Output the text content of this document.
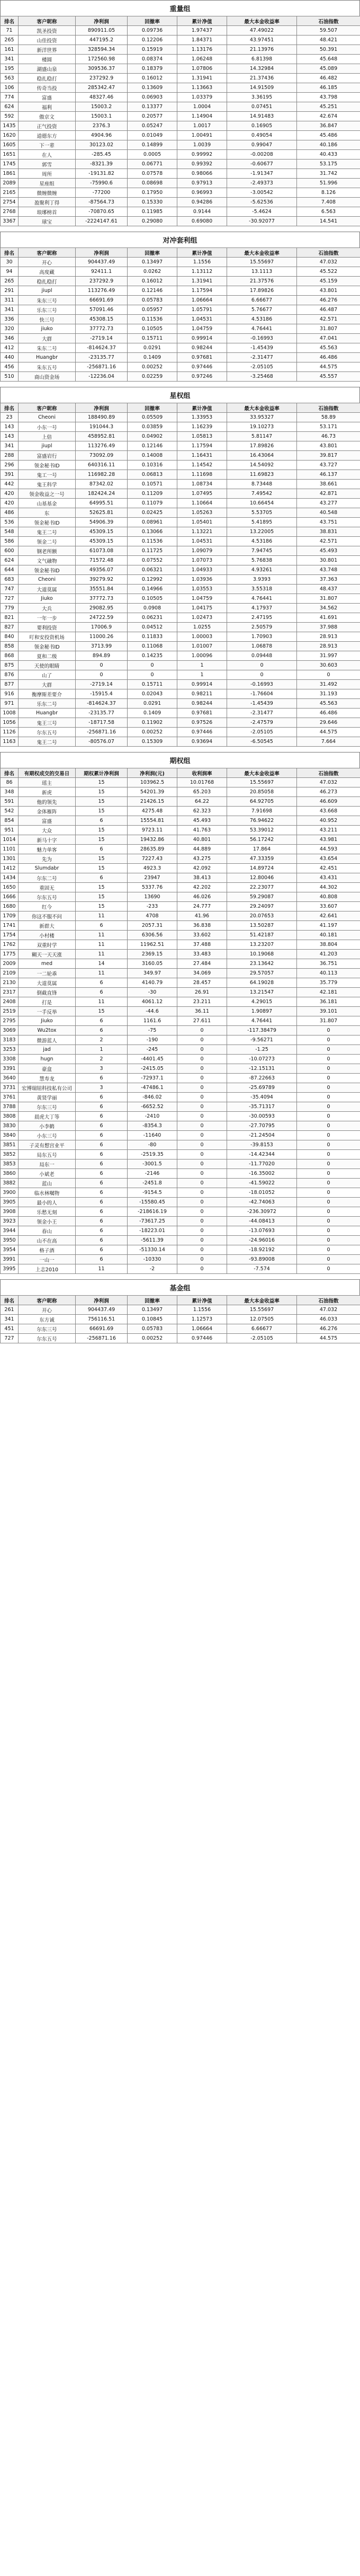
重量组
排名	客户昵称	净利润	回撤率	累计净值	最大本金收益率	石油指数
71	凯圣投资	890911.05	0.09736	1.97437	47.49022	59.507
265	山佳投资	447195.2	0.12206	1.84371	43.97451	48.421
161	新洋世界	328594.34	0.15919	1.13176	21.13976	50.391
341	楼圆	172560.98	0.08374	1.06248	6.81398	45.648
195	湖盛山泉	309536.37	0.18379	1.07806	14.32984	45.089
563	稳扎稳打	237292.9	0.16012	1.31941	21.37436	46.482
106	传奇当投	285342.47	0.13609	1.13663	14.91509	46.185
774	富盛	48327.46	0.06903	1.03379	3.36195	43.798
624	福利	15003.2	0.13377	1.0004	0.07451	45.251
592	傲京文	15003.1	0.20577	1.14904	14.91483	42.674
1435	正气投资	2376.3	0.05247	1.0017	0.16905	36.847
1620	道德东方	4904.96	0.01049	1.00491	0.49054	45.486
1605	下一辈	30123.02	0.14899	1.0039	0.99047	40.186
1651	在人	-285.45	0.0005	0.99992	-0.00208	40.433
1745	郭雪	-8321.39	0.06771	0.99392	-0.60677	53.175
1861	周所	-19131.82	0.07578	0.98066	-1.91347	31.742
2089	星座组	-75990.6	0.08698	0.97913	-2.49373	51.996
2165	微缠微缠	-77200	0.17950	0.96993	-3.00542	8.126
2754	盈聚利丁得	-87564.73	0.15330	0.94286	-5.62536	7.408
2768	琅琊榜首	-70870.65	0.11985	0.9144	-5.4624	6.563
3367	球宝	-2224147.61	0.29080	0.69080	-30.92077	14.541
对冲套利组
排名	客户昵称	净利润	回撤率	累计净值	最大本金收益率	石油指数
30	开心	904437.49	0.13497	1.1556	15.55697	47.032
94	高度藏	92411.1	0.0262	1.13112	13.1113	45.522
265	稳扎稳打	237292.9	0.16012	1.31941	21.37576	45.159
291	jiupl	113276.49	0.12146	1.17594	17.89826	43.801
311	朱东三号	66691.69	0.05783	1.06664	6.66677	46.276
341	乐东三号	57091.46	0.05957	1.05791	5.76677	46.487
336	快三号	45308.15	0.11536	1.04531	4.53186	42.571
320	jiuko	37772.73	0.10505	1.04759	4.76441	31.807
346	大群	-2719.14	0.15711	0.99914	-0.16993	47.041
412	朱东二号	-814624.37	0.0291	0.98244	-1.45439	45.563
440	Huangbr	-23135.77	0.1409	0.97681	-2.31477	46.486
456	朱东五号	-256871.16	0.00252	0.97446	-2.05105	44.575
510	商山资金场	-12236.04	0.02259	0.97246	-3.25468	45.557
星权组
排名	客户昵称	净利润	回撤率	累计净值	最大本金收益率	石油指数
23	Cheoni	188490.89	0.05509	1.33953	33.95327	58.89
143	小东一号	191044.3	0.03859	1.16239	19.10273	53.171
143	上倍	458952.81	0.04902	1.05813	5.81147	46.73
341	jiupl	113276.49	0.12146	1.17594	17.89826	43.801
288	富盛岩行	73092.09	0.14008	1.16431	16.43064	39.817
296	领金秘书ID	640316.11	0.10316	1.14542	14.54092	43.727
391	鬼工一号	116982.28	0.06813	1.11698	11.69823	46.137
442	鬼王科学	87342.02	0.10571	1.08734	8.73448	38.661
420	领金收益之一号	182424.24	0.11209	1.07495	7.49542	42.871
420	山基基金	64995.51	0.11079	1.10664	10.66454	43.277
486	东	52625.81	0.02425	1.05263	5.53705	40.548
536	领金秘书ID	54906.39	0.08961	1.05401	5.41895	43.751
548	鬼王二号	45309.15	0.13066	1.13221	13.22005	38.831
586	领金二号	45309.15	0.11536	1.04531	4.53186	42.571
600	钢老所额	61073.08	0.11725	1.09079	7.94745	45.493
624	文气融物	71572.48	0.07552	1.07073	5.76838	30.801
644	领金秘书ID	49356.07	0.06321	1.04933	4.93261	43.748
683	Cheoni	39279.92	0.12992	1.03936	3.9393	37.363
747	大道莫属	35551.84	0.14966	1.03553	3.55318	48.437
727	Jiuko	37772.73	0.10505	1.04759	4.76441	31.807
779	大兵	29082.95	0.0908	1.04175	4.17937	34.562
821	一年一步	24722.59	0.06231	1.02473	2.47195	41.691
827	要利投资	17006.9	0.04512	1.0255	2.50579	37.988
840	叮和安投资机场	11000.26	0.11833	1.00003	1.70903	28.913
858	领金秘书ID	3713.99	0.11068	1.01007	1.06878	28.913
868	夏和二级	894.89	0.14235	1.00096	0.09448	31.997
875	天使的眼睛	0	0	1	0	30.603
876	山了	0	0	1	0	0
877	大群	-2719.14	0.15711	0.99914	-0.16993	31.492
916	衡摩斯差要介	-15915.4	0.02043	0.98211	-1.76604	31.193
971	乐东二号	-814624.37	0.0291	0.98244	-1.45439	45.563
1008	Huangbr	-23135.77	0.1409	0.97681	-2.31477	46.486
1056	鬼王三号	-18717.58	0.11902	0.97526	-2.47579	29.646
1126	尔东五号	-256871.16	0.00252	0.97446	-2.05105	44.575
1163	鬼王二号	-80576.07	0.15309	0.93694	-6.50545	7.664
期权组
排名	有期权成交的交易日	期权累计净利润	净利润(元)	收利润率	最大本金收益率	石油指数
86	瑶主	15	103962.5	10.01768	15.55697	47.032
348	新虎	15	54201.39	65.203	20.85058	46.273
591	他的领先	15	21426.15	64.22	64.92705	46.609
542	金体雁阵	15	4275.48	62.323	7.91698	43.668
854	富盛	6	15554.81	45.493	76.94622	40.952
951	大众	15	9723.11	41.763	53.39012	43.211
1014	新马十字	15	19432.86	40.801	56.17242	43.981
1101	魅力单客	6	28635.89	44.889	17.864	44.593
1301	先为	15	7227.43	43.275	47.33359	43.654
1412	Slumdabr	15	4923.3	42.092	14.89724	42.451
1434	尔东二号	6	23947	38.413	12.80046	43.431
1650	重固无	15	5337.76	42.202	22.23077	44.302
1666	尔东五号	15	13690	46.026	59.29087	40.808
1680	红今	15	-233	24.777	29.24097	33.607
1709	你这不服不问	11	4708	41.96	20.07653	42.641
1741	新群大	6	2057.31	36.838	13.50287	41.197
1754	小村楼	11	6306.56	33.602	51.42187	40.181
1762	双重时学	11	11962.51	37.488	13.23207	38.804
1775	糊天一天天涨	11	2369.15	33.483	10.19068	41.203
2009	med	14	3160.05	27.484	23.13642	36.751
2109	一二轮乖	11	349.97	34.069	29.57057	40.113
2130	大道莫属	6	4140.79	28.457	64.19028	35.779
2317	倒截直锋	6	-30	26.91	13.21547	42.181
2408	打是	11	4061.12	23.211	4.29015	36.181
2519	一手反举	15	-44.6	36.11	1.90897	39.101
2795	Jiuko	6	1161.6	27.611	4.76441	31.807
3069	Wu2tox	6	-75	0	-117.38479	0
3183	微游蓝人	2	-190	0	-9.56271	0
3253	jad	1	-245	0	-1.25	0
3308	hugn	2	-4401.45	0	-10.07273	0
3391	豪盒	3	-2415.05	0	-12.15131	0
3640	慧寿龙	6	-72937.1	0	-87.22663	0
3731	宏博瑞钮科技私有公司	3	-47486.1	0	-25.69789	0
3761	黄贤学丽	6	-846.02	0	-35.4094	0
3788	尔东三号	6	-6652.52	0	-35.71317	0
3808	晨虎大丁等	6	-2410	0	-30.00593	0
3830	小李鹤	6	-8354.3	0	-27.70795	0
3840	小东三号	6	-11640	0	-21.24504	0
3851	子灵有想宫业平	6	-80	0	-39.8153	0
3852	局东五号	6	-2519.35	0	-14.42344	0
3853	局东一	6	-3001.5	0	-11.77020	0
3860	小斌老	6	-2146	0	-16.35002	0
3882	蓝山	6	-2451.8	0	-41.59022	0
3900	临水林嘱物	6	-9154.5	0	-18.01052	0
3905	最小的人	6	-15580.45	0	-42.74063	0
3908	乐愁无刻	6	-218616.19	0	-236.30972	0
3923	领金小王	6	-73617.25	0	-44.08413	0
3944	春山	6	-18223.01	0	-13.07693	0
3950	山不在高	6	-5611.39	0	-24.96016	0
3954	格子酒	6	-51330.14	0	-18.92192	0
3991	一山一	6	-10330	0	-93.89008	0
3995	上志2010	11	-2	0	-7.574	0
基金组
排名	客户昵称	净利润	回撤率	累计净值	最大本金收益率	石油指数
261	开心	904437.49	0.13497	1.1556	15.55697	47.032
341	东方诚	756116.51	0.10845	1.12573	12.07505	46.033
451	尔东三号	66691.69	0.05783	1.06664	6.66677	46.276
727	尔东五号	-256871.16	0.00252	0.97446	-2.05105	44.575
